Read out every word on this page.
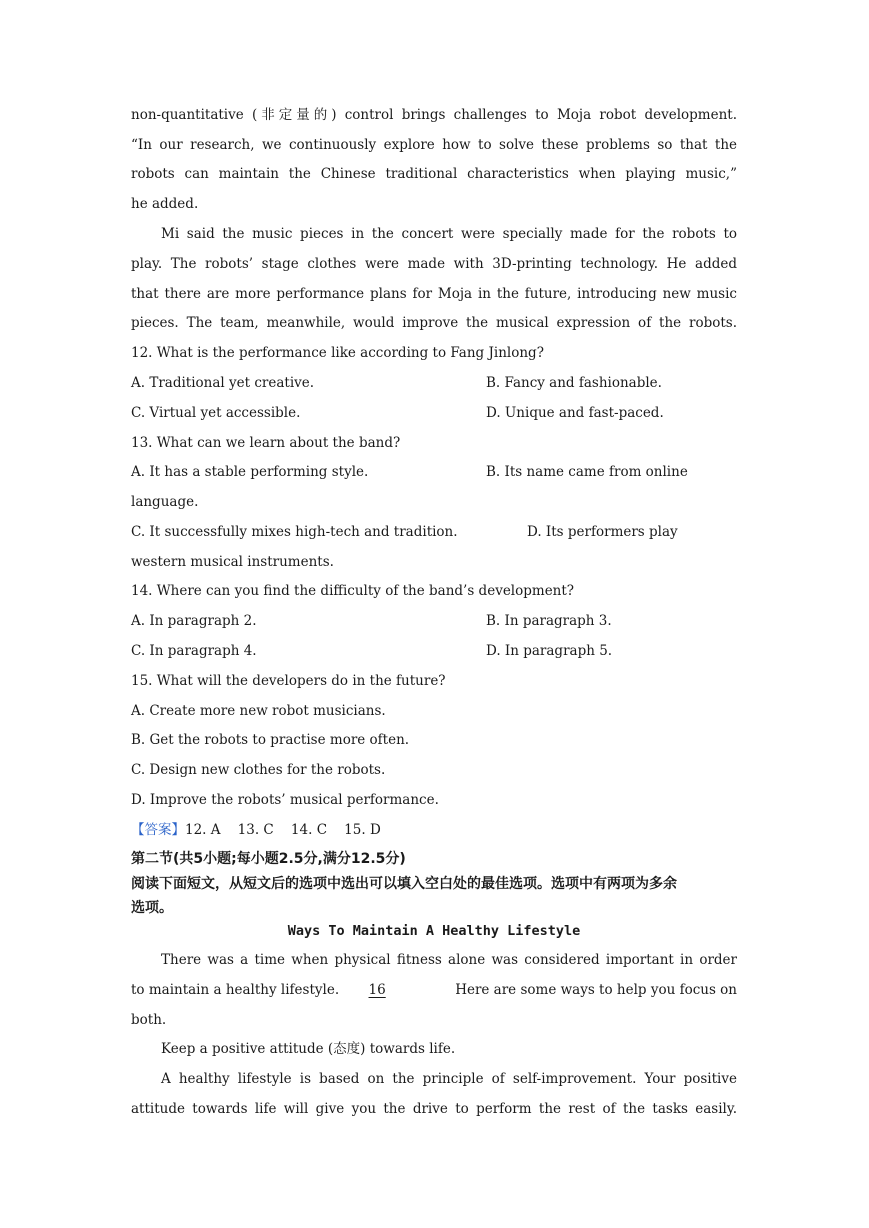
non-quantitative (非定量的) control brings challenges to Moja robot development.
“In our research, we continuously explore how to solve these problems so that the
robots can maintain the Chinese traditional characteristics when playing music,”
he added.
Mi said the music pieces in the concert were specially made for the robots to
play. The robots’ stage clothes were made with 3D-printing technology. He added
that there are more performance plans for Moja in the future, introducing new music
pieces. The team, meanwhile, would improve the musical expression of the robots.
12. What is the performance like according to Fang Jinlong?
A. Traditional yet creative.	B. Fancy and fashionable.
C. Virtual yet accessible.	D. Unique and fast-paced.
13. What can we learn about the band?
A. It has a stable performing style.	B. Its name came from online
language.
C. It successfully mixes high-tech and tradition.	D. Its performers play
western musical instruments.
14. Where can you find the difficulty of the band’s development?
A. In paragraph 2.	B. In paragraph 3.
C. In paragraph 4.	D. In paragraph 5.
15. What will the developers do in the future?
A. Create more new robot musicians.
B. Get the robots to practise more often.
C. Design new clothes for the robots.
D. Improve the robots’ musical performance.
【答案】12. A    13. C    14. C    15. D
第二节(共5小题;每小题2.5分,满分12.5分)
阅读下面短文，从短文后的选项中选出可以填入空白处的最佳选项。选项中有两项为多余
选项。
Ways To Maintain A Healthy Lifestyle
There was a time when physical fitness alone was considered important in order
to maintain a healthy lifestyle. 16	Here are some ways to help you focus on
both.
Keep a positive attitude (态度) towards life.
A healthy lifestyle is based on the principle of self-improvement. Your positive
attitude towards life will give you the drive to perform the rest of the tasks easily.
